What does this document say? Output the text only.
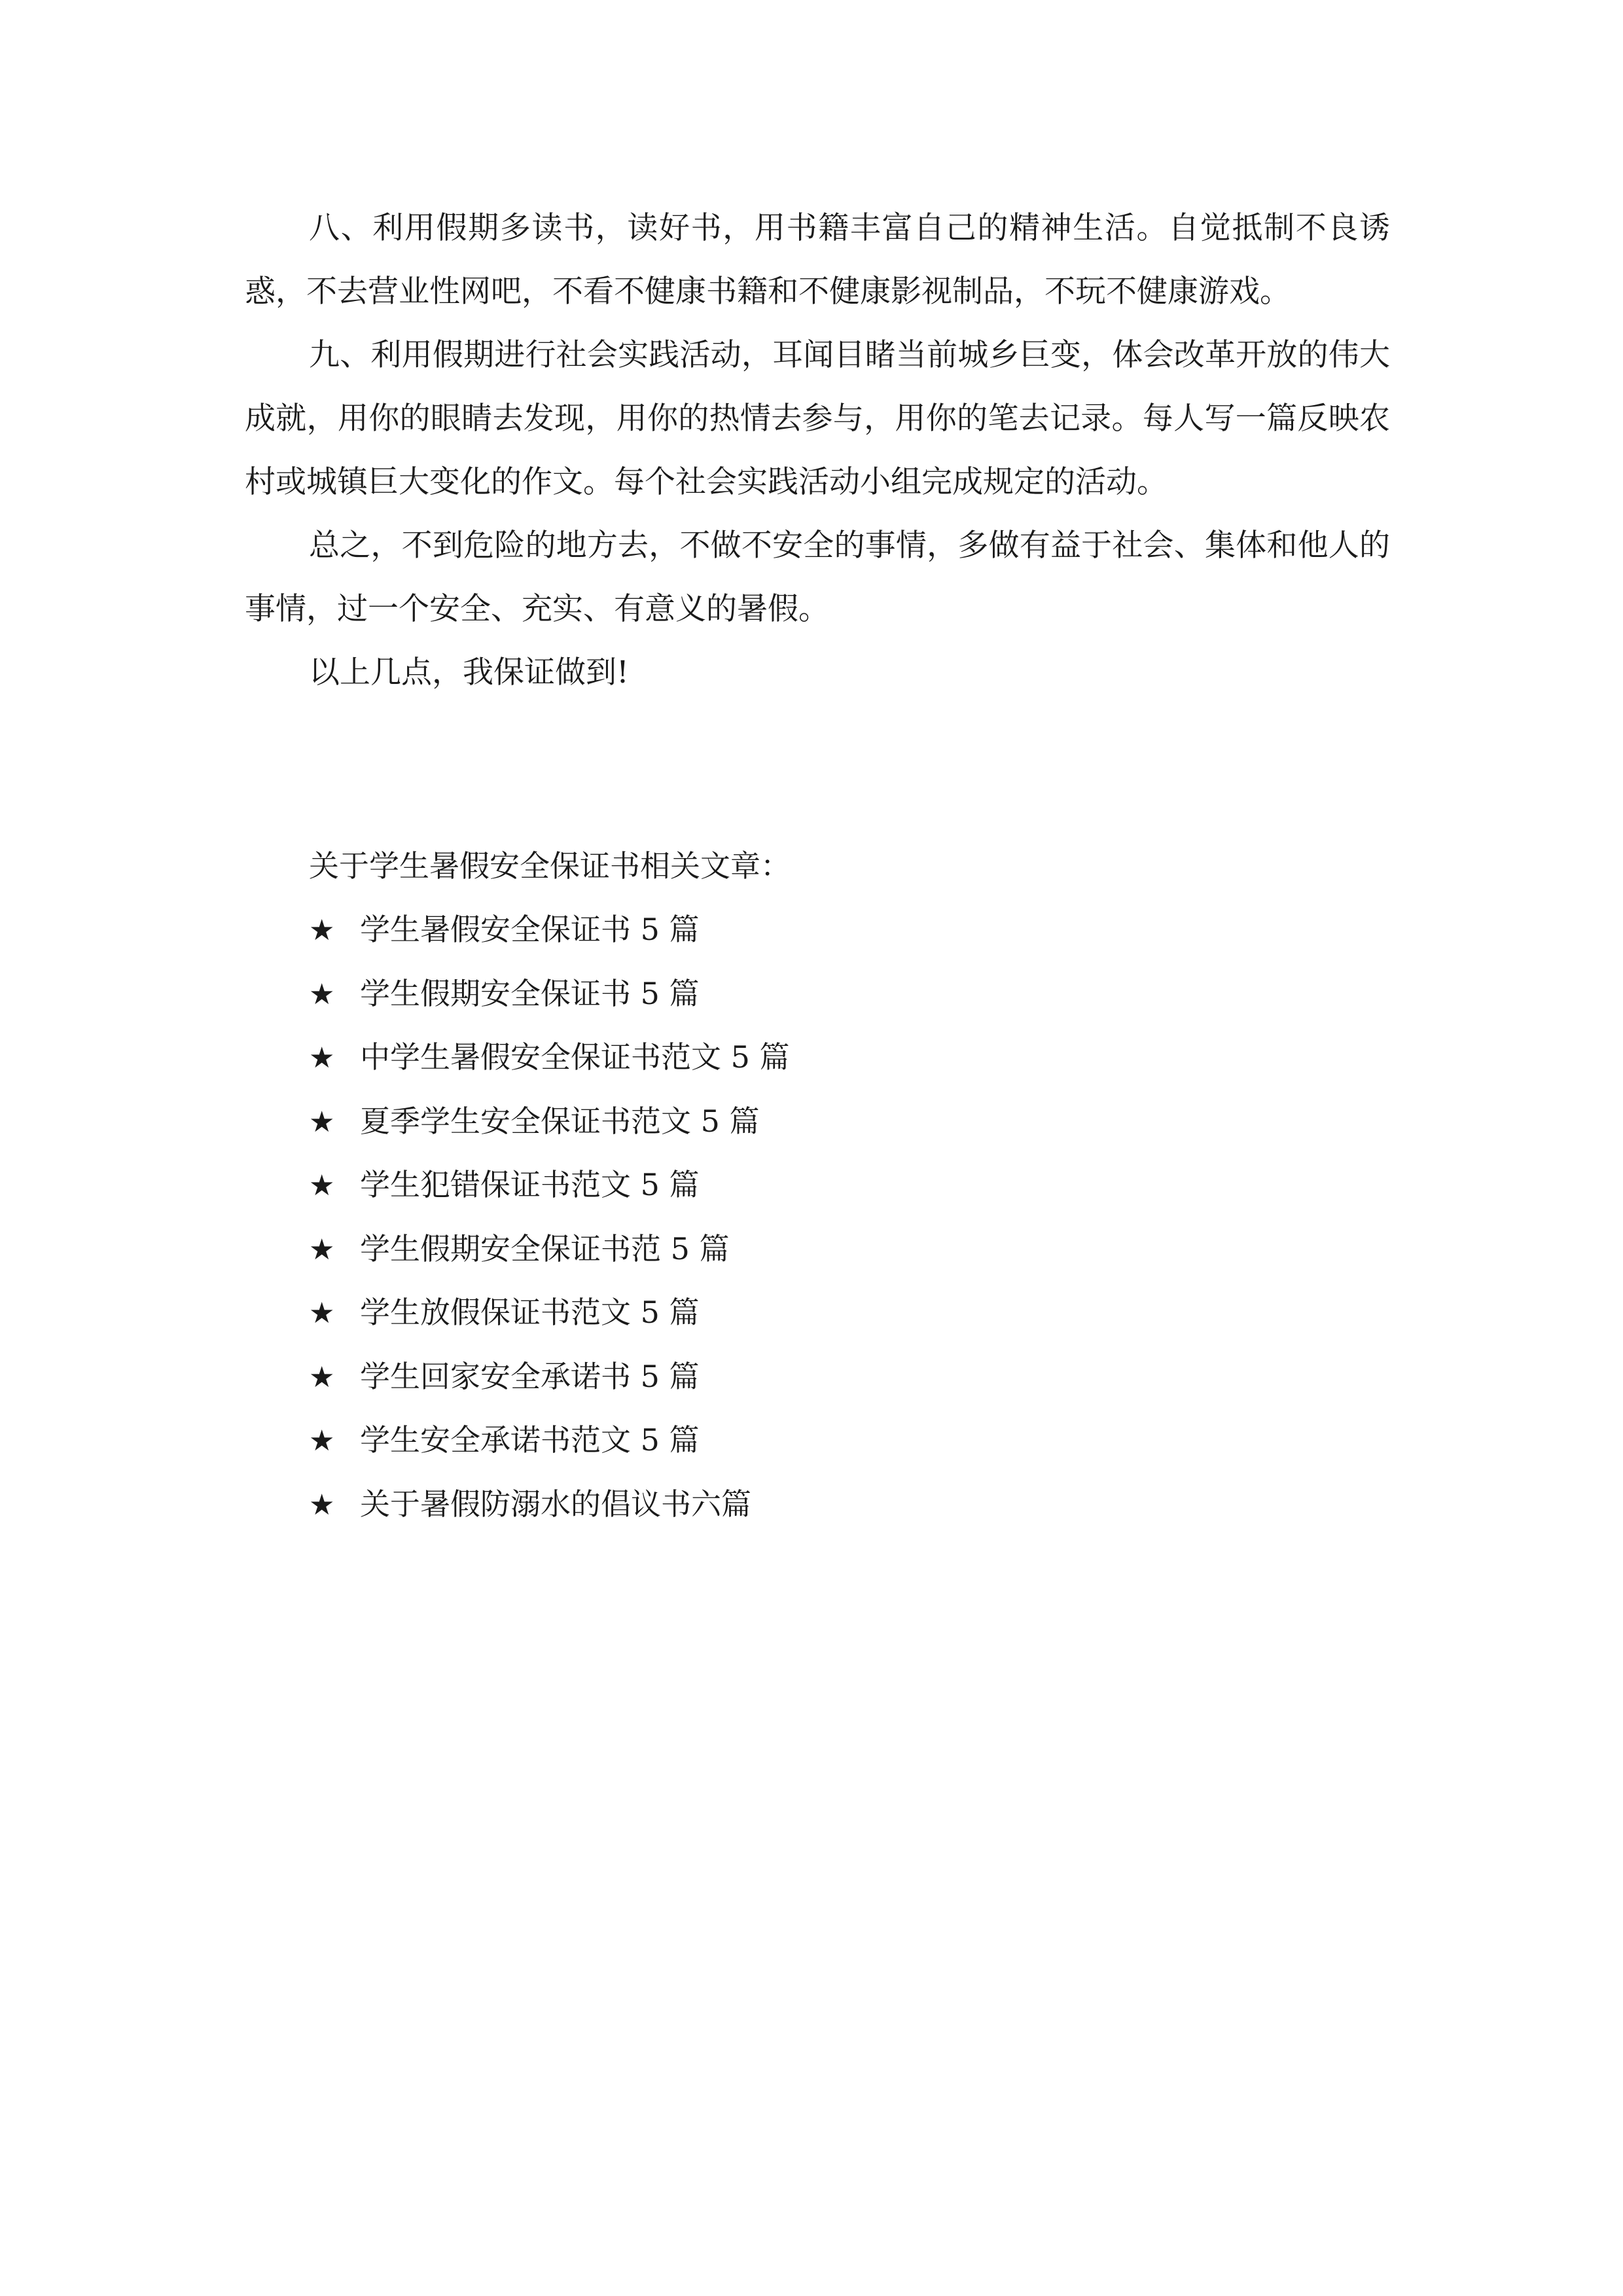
八、利用假期多读书，读好书，用书籍丰富自己的精神生活。自觉抵制不良诱惑，不去营业性网吧，不看不健康书籍和不健康影视制品，不玩不健康游戏。

九、利用假期进行社会实践活动，耳闻目睹当前城乡巨变，体会改革开放的伟大成就，用你的眼睛去发现，用你的热情去参与，用你的笔去记录。每人写一篇反映农村或城镇巨大变化的作文。每个社会实践活动小组完成规定的活动。

总之，不到危险的地方去，不做不安全的事情，多做有益于社会、集体和他人的事情，过一个安全、充实、有意义的暑假。

以上几点，我保证做到!

关于学生暑假安全保证书相关文章：

★ 学生暑假安全保证书 5 篇
★ 学生假期安全保证书 5 篇
★ 中学生暑假安全保证书范文 5 篇
★ 夏季学生安全保证书范文 5 篇
★ 学生犯错保证书范文 5 篇
★ 学生假期安全保证书范 5 篇
★ 学生放假保证书范文 5 篇
★ 学生回家安全承诺书 5 篇
★ 学生安全承诺书范文 5 篇
★ 关于暑假防溺水的倡议书六篇
